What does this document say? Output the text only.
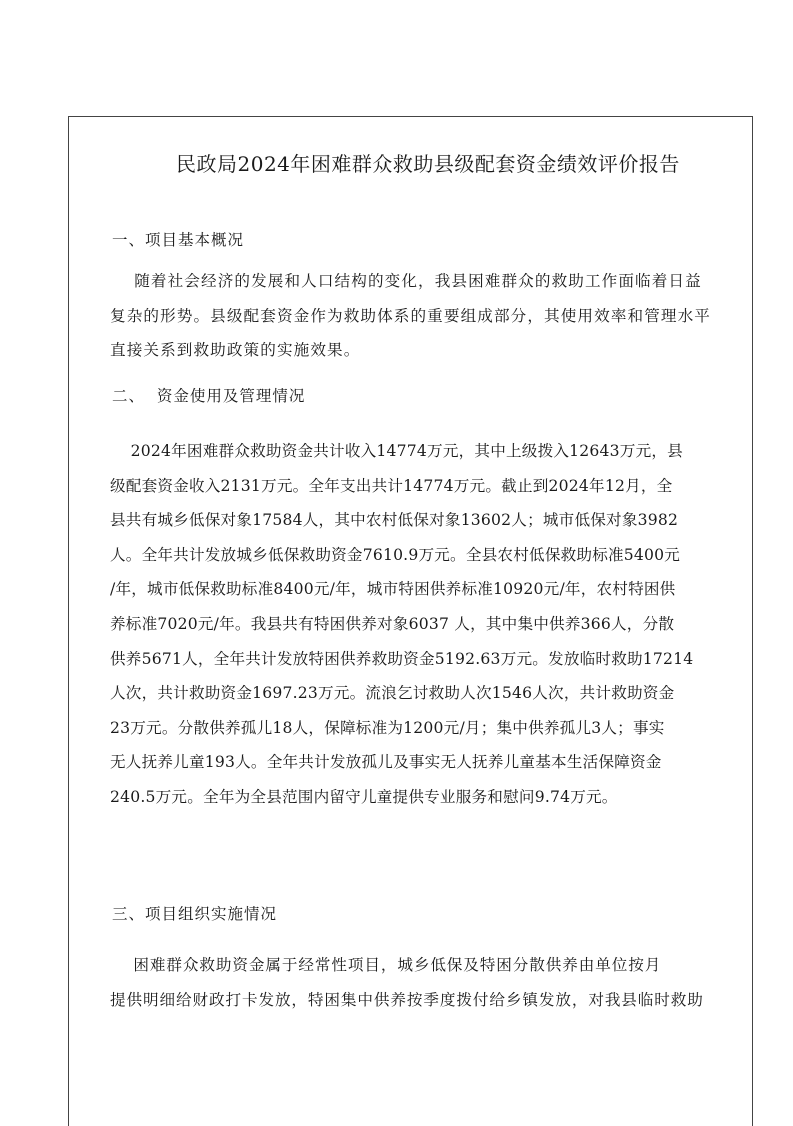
民政局2024年困难群众救助县级配套资金绩效评价报告
一、项目基本概况
随着社会经济的发展和人口结构的变化，我县困难群众的救助工作面临着日益
复杂的形势。县级配套资金作为救助体系的重要组成部分，其使用效率和管理水平
直接关系到救助政策的实施效果。
二、  资金使用及管理情况
2024年困难群众救助资金共计收入14774万元，其中上级拨入12643万元，县
级配套资金收入2131万元。全年支出共计14774万元。截止到2024年12月，全
县共有城乡低保对象17584人，其中农村低保对象13602人；城市低保对象3982
人。全年共计发放城乡低保救助资金7610.9万元。全县农村低保救助标准5400元
/年，城市低保救助标准8400元/年，城市特困供养标准10920元/年，农村特困供
养标准7020元/年。我县共有特困供养对象6037 人，其中集中供养366人，分散
供养5671人，全年共计发放特困供养救助资金5192.63万元。发放临时救助17214
人次，共计救助资金1697.23万元。流浪乞讨救助人次1546人次，共计救助资金
23万元。分散供养孤儿18人，保障标准为1200元/月；集中供养孤儿3人；事实
无人抚养儿童193人。全年共计发放孤儿及事实无人抚养儿童基本生活保障资金
240.5万元。全年为全县范围内留守儿童提供专业服务和慰问9.74万元。
三、项目组织实施情况
困难群众救助资金属于经常性项目，城乡低保及特困分散供养由单位按月
提供明细给财政打卡发放，特困集中供养按季度拨付给乡镇发放，对我县临时救助
